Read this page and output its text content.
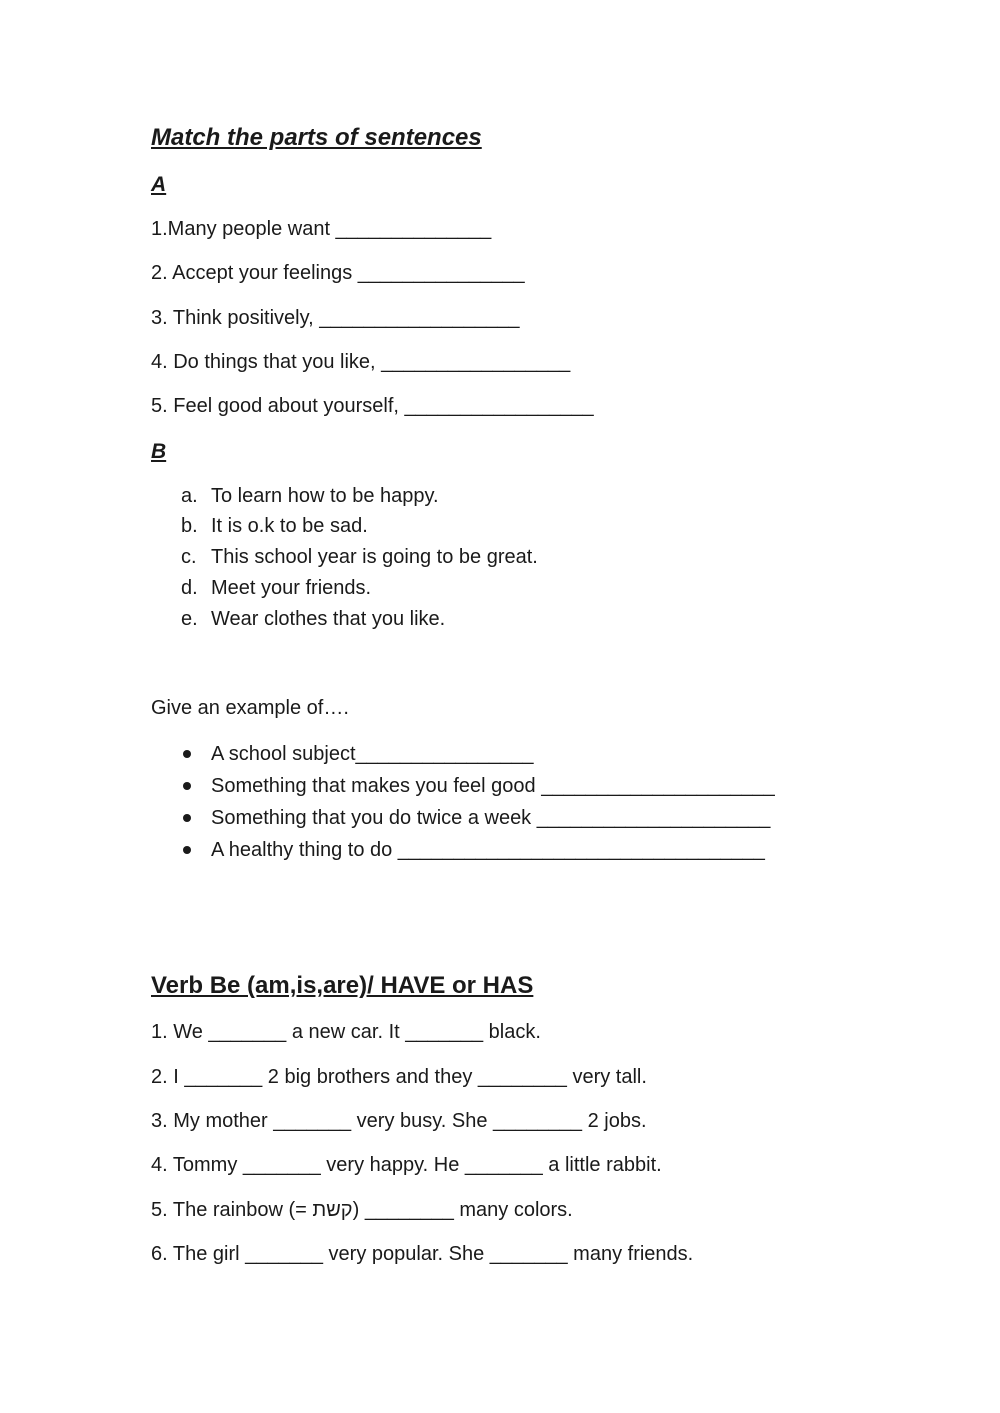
Match the parts of sentences
A
1.Many people want ______________
2. Accept your feelings _______________
3. Think positively, __________________
4. Do things that you like, _________________
5. Feel good about yourself, _________________
B
a. To learn how to be happy.
b. It is o.k to be sad.
c. This school year is going to be great.
d. Meet your friends.
e. Wear clothes that you like.
Give an example of….
A school subject________________
Something that makes you feel good _____________________
Something that you do twice a week _____________________
A healthy thing to do _________________________________
Verb Be (am,is,are)/ HAVE or HAS
1. We _______ a new car. It _______ black.
2. I _______ 2 big brothers and they ________ very tall.
3. My mother _______ very busy. She ________ 2 jobs.
4. Tommy _______ very happy. He _______ a little rabbit.
5. The rainbow (= קשת) ________ many colors.
6. The girl _______ very popular. She _______ many friends.
